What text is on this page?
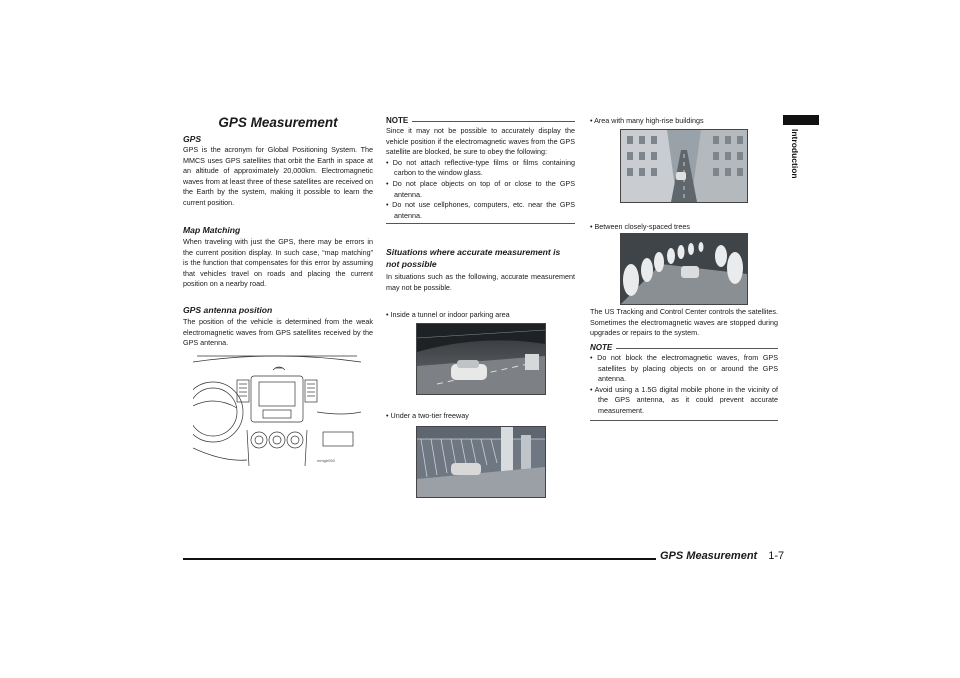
GPS Measurement
GPS

GPS is the acronym for Global Positioning System. The MMCS uses GPS satellites that orbit the Earth in space at an altitude of approximately 20,000km. Electromagnetic waves from at least three of these satellites are received on the Earth by the system, making it possible to learn the current position.

Map Matching

When traveling with just the GPS, there may be errors in the current position display. In such case, “map matching” is the function that compensates for this error by assuming that vehicles travel on roads and placing the current position on a nearby road.

GPS antenna position

The position of the vehicle is determined from the weak electromagnetic waves from GPS satellites received by the GPS antenna.

mmgb050
NOTE

Since it may not be possible to accurately display the vehicle position if the electromagnetic waves from the GPS satellite are blocked, be sure to obey the following:

• Do not attach reflective-type films or films containing carbon to the window glass.
• Do not place objects on top of or close to the GPS antenna.
• Do not use cellphones, computers, etc. near the GPS antenna.
Situations where accurate measurement is not possible

In situations such as the following, accurate measurement may not be possible.

• Inside a tunnel or indoor parking area
• Under a two-tier freeway
• Area with many high-rise buildings
• Between closely-spaced trees

The US Tracking and Control Center controls the satellites. Sometimes the electromagnetic waves are stopped during upgrades or repairs to the system.

NOTE
• Do not block the electromagnetic waves, from GPS satellites by placing objects on or around the GPS antenna.
• Avoid using a 1.5G digital mobile phone in the vicinity of the GPS antenna, as it could prevent accurate measurement.
Introduction
GPS Measurement 1-7
